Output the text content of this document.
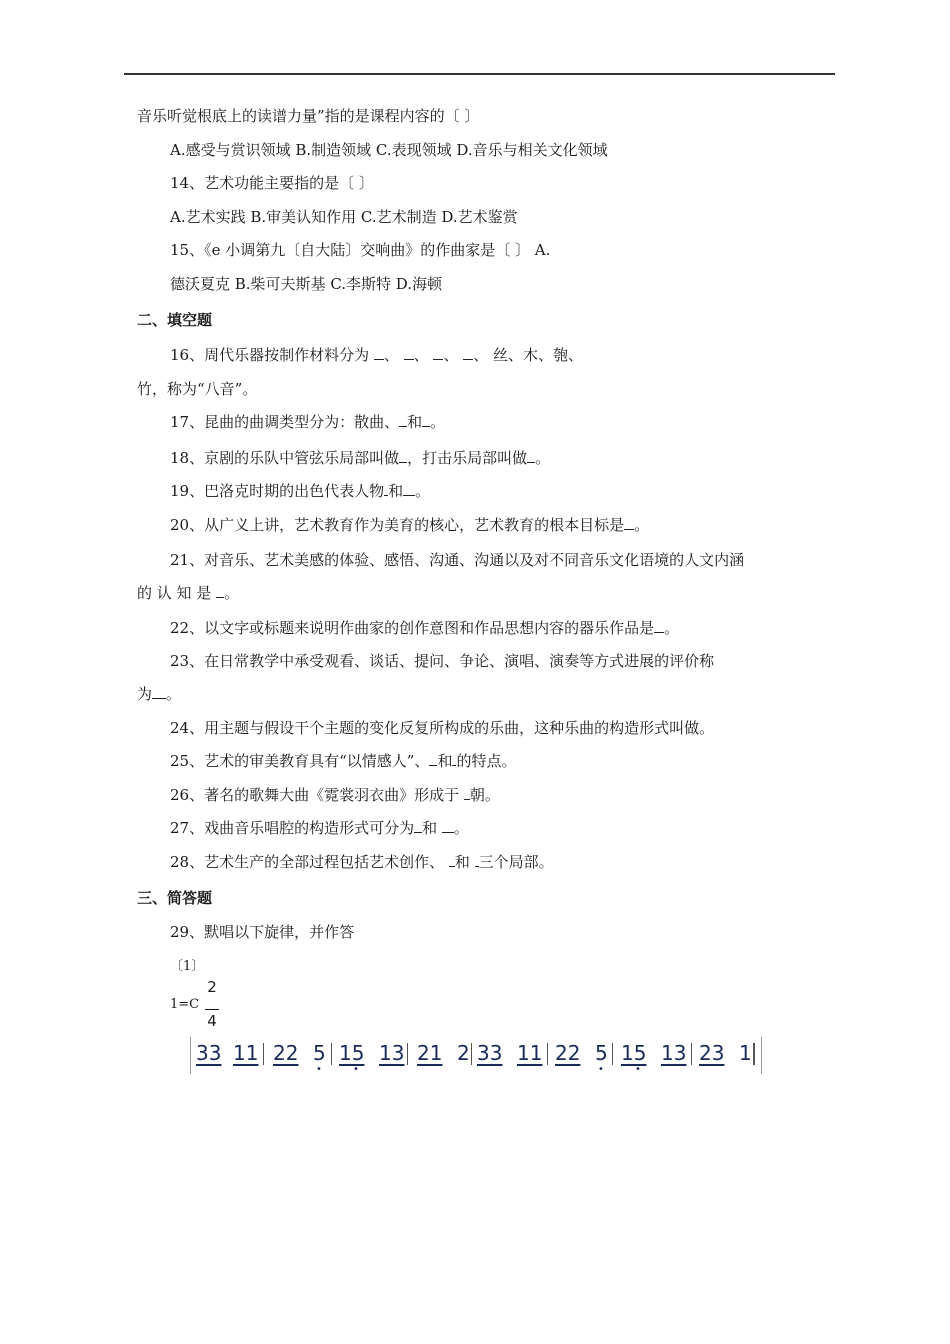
音乐听觉根底上的读谱力量”指的是课程内容的〔 〕
A.感受与赏识领域 B.制造领域 C.表现领域 D.音乐与相关文化领域
14、艺术功能主要指的是〔 〕
A.艺术实践 B.审美认知作用 C.艺术制造 D.艺术鉴赏
15、《e 小调第九〔自大陆〕交响曲》的作曲家是〔 〕 A.
德沃夏克 B.柴可夫斯基 C.李斯特 D.海顿
二、填空题
16、周代乐器按制作材料分为 、 、 、 、 丝、木、匏、
竹，称为“八音”。
17、昆曲的曲调类型分为：散曲、 和 。
18、京剧的乐队中管弦乐局部叫做 ，打击乐局部叫做 。
19、巴洛克时期的出色代表人物 和 。
20、从广义上讲，艺术教育作为美育的核心，艺术教育的根本目标是 。
21、对音乐、艺术美感的体验、感悟、沟通、沟通以及对不同音乐文化语境的人文内涵
的 认 知 是 。
22、以文字或标题来说明作曲家的创作意图和作品思想内容的器乐作品是 。
23、在日常教学中承受观看、谈话、提问、争论、演唱、演奏等方式进展的评价称
为 。
24、用主题与假设干个主题的变化反复所构成的乐曲，这种乐曲的构造形式叫做。
25、艺术的审美教育具有“以情感人”、 和 的特点。
26、著名的歌舞大曲《霓裳羽衣曲》形成于 朝。
27、戏曲音乐唱腔的构造形式可分为 和 。
28、艺术生产的全部过程包括艺术创作、 和 三个局部。
三、简答题
29、默唱以下旋律，并作答
〔1〕
1=C
2
4
33 11 22 5
•
15
•
13 21 2 33 11 22 5
•
15
•
13 23 1
